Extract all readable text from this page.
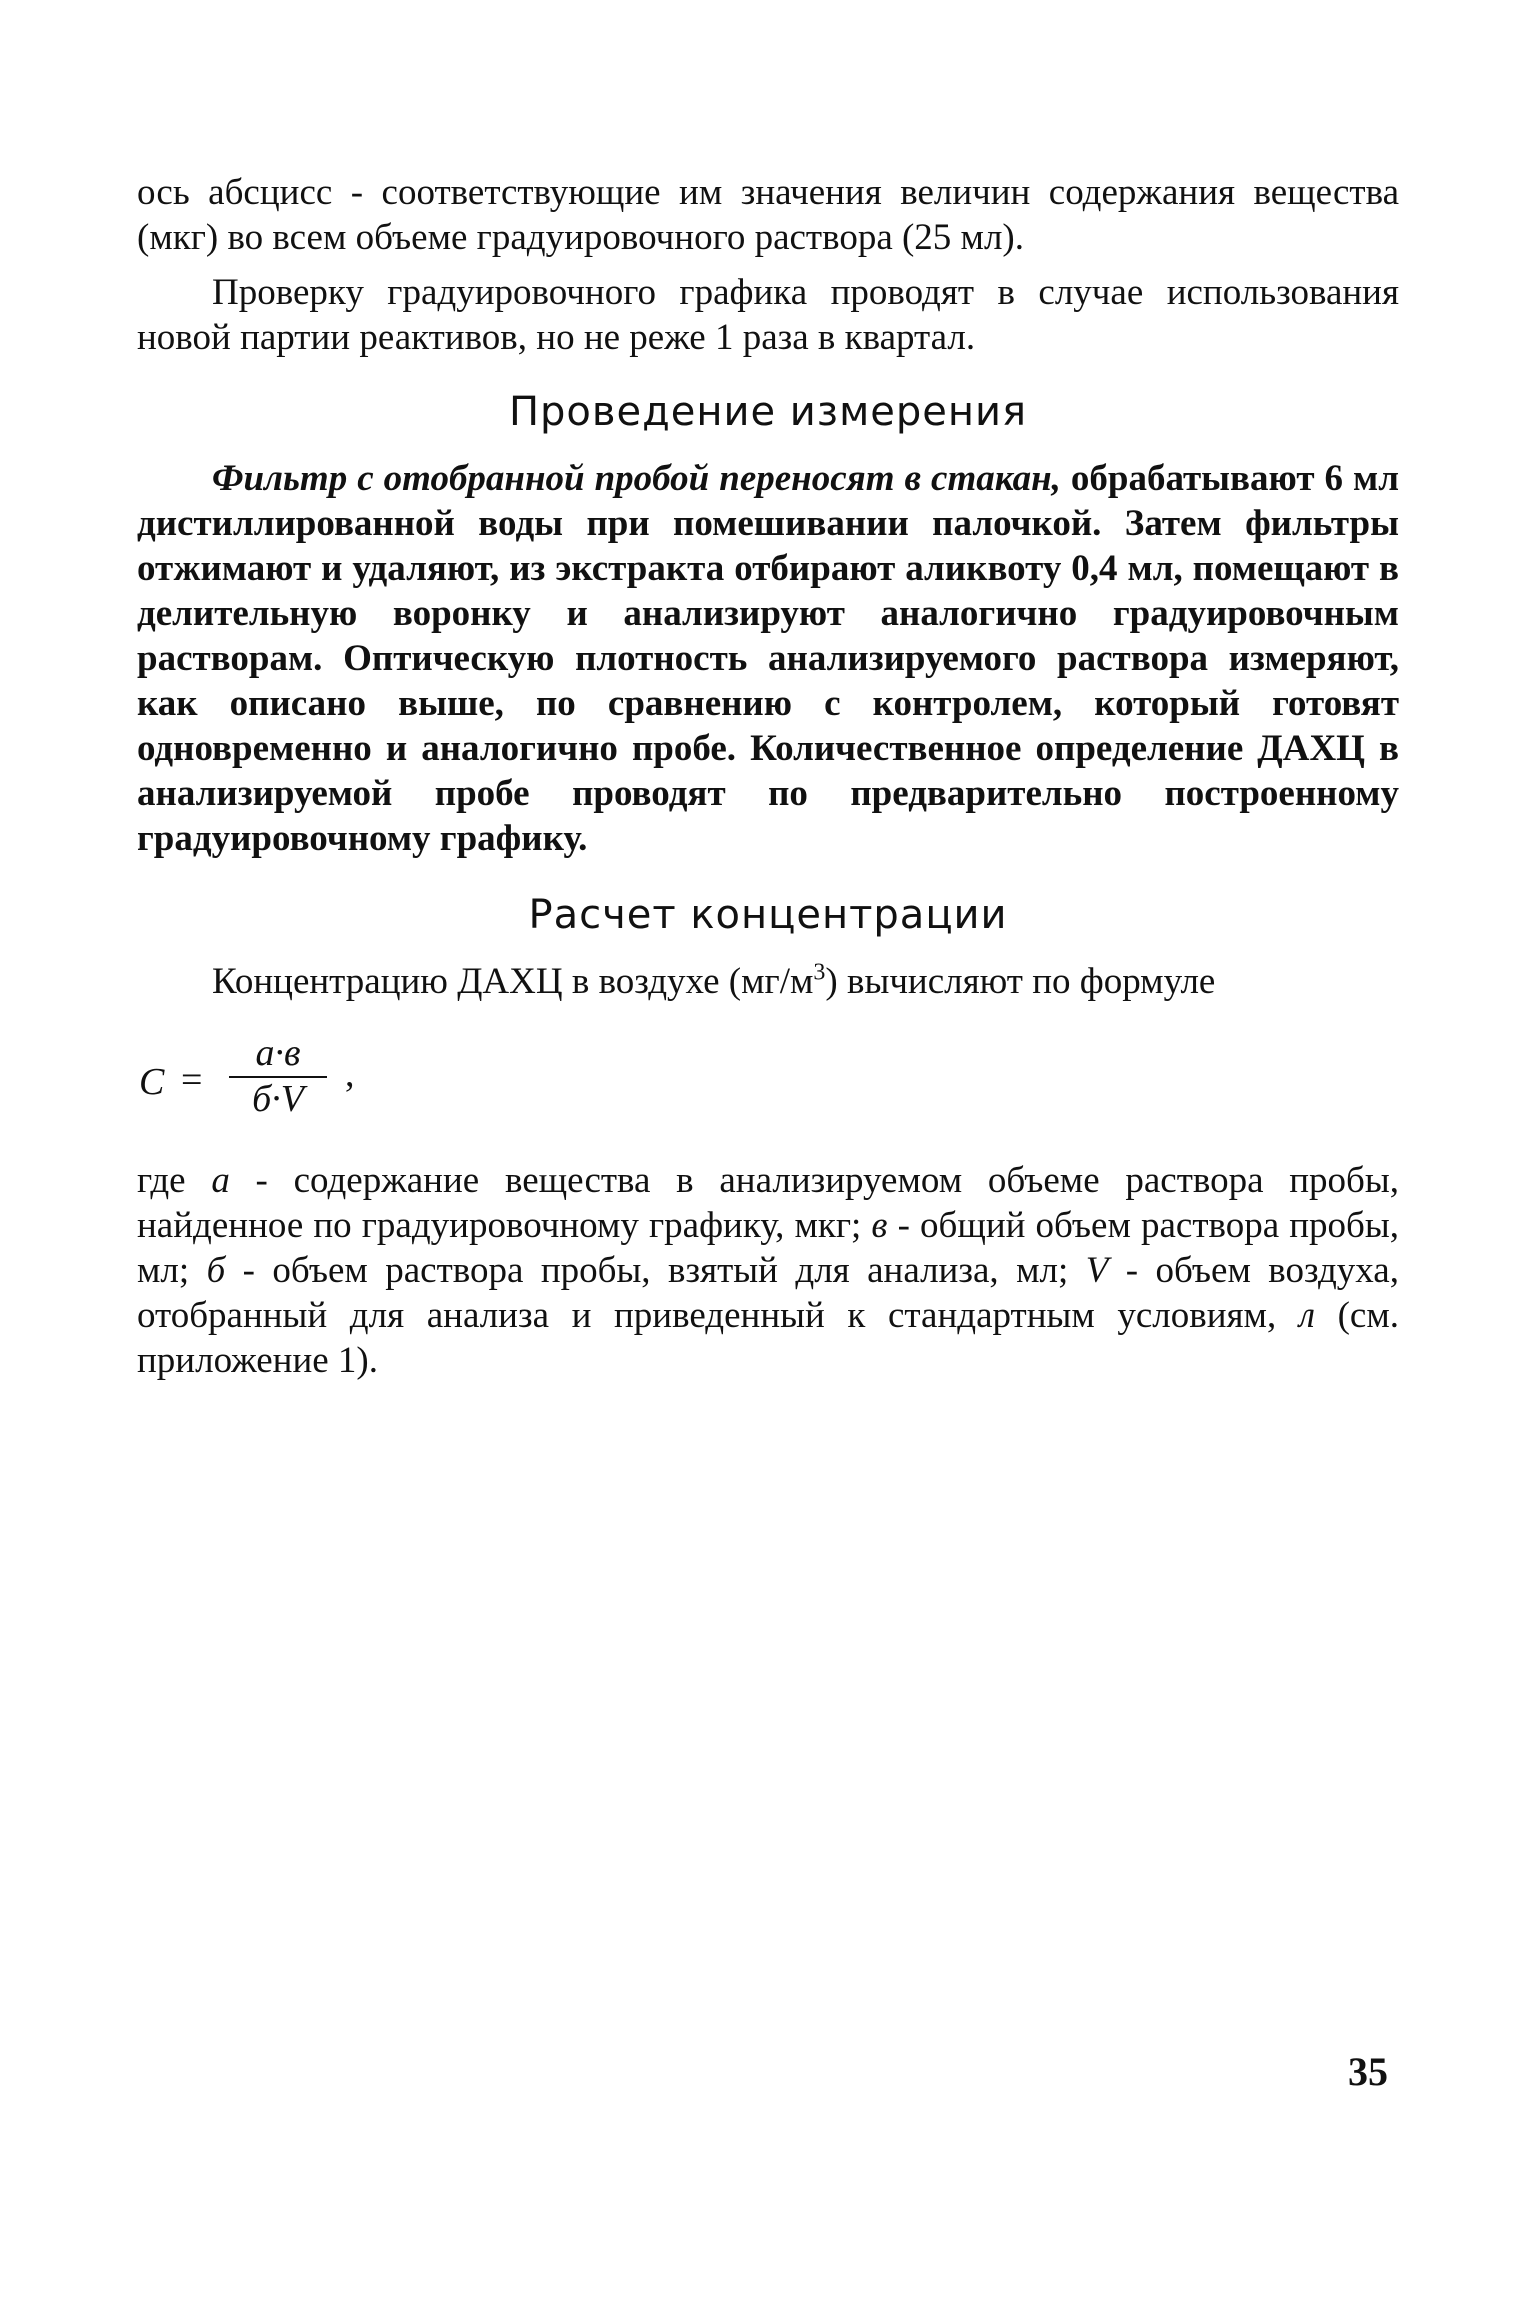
ось абсцисс - соответствующие им значения величин содержания вещества (мкг) во всем объеме градуировочного раствора (25 мл).

Проверку градуировочного графика проводят в случае использования новой партии реактивов, но не реже 1 раза в квартал.

Проведение измерения

Фильтр с отобранной пробой переносят в стакан, обрабатывают 6 мл дистиллированной воды при помешивании палочкой. Затем фильтры отжимают и удаляют, из экстракта отбирают аликвоту 0,4 мл, помещают в делительную воронку и анализируют аналогично градуировочным растворам. Оптическую плотность анализируемого раствора измеряют, как описано выше, по сравнению с контролем, который готовят одновременно и аналогично пробе. Количественное определение ДАХЦ в анализируемой пробе проводят по предварительно построенному градуировочному графику.

Расчет концентрации

Концентрацию ДАХЦ в воздухе $(мг/м^3)$ вычисляют по формуле

C =
а·в
б·V
,

где а - содержание вещества в анализируемом объеме раствора пробы, найденное по градуировочному графику, мкг; в - общий объем раствора пробы, мл; б - объем раствора пробы, взятый для анализа, мл; V - объем воздуха, отобранный для анализа и приведенный к стандартным условиям, л (см. приложение 1).

35
